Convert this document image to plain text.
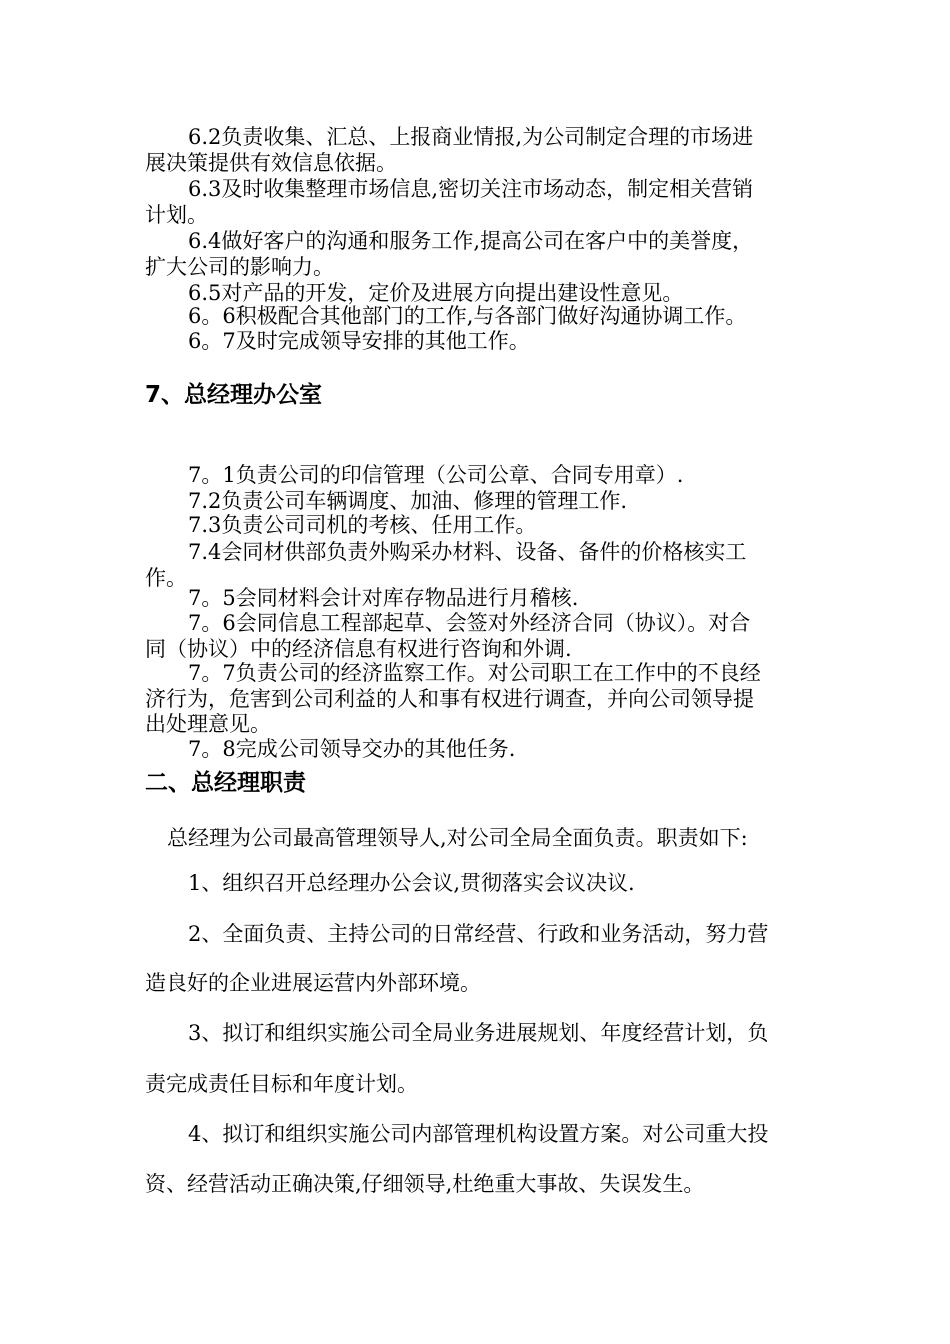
6.2负责收集、汇总、上报商业情报,为公司制定合理的市场进
展决策提供有效信息依据。
6.3及时收集整理市场信息,密切关注市场动态，制定相关营销
计划。
6.4做好客户的沟通和服务工作,提高公司在客户中的美誉度，
扩大公司的影响力。
6.5对产品的开发，定价及进展方向提出建设性意见。
6。6积极配合其他部门的工作,与各部门做好沟通协调工作。
6。7及时完成领导安排的其他工作。
7、总经理办公室
7。1负责公司的印信管理（公司公章、合同专用章）.
7.2负责公司车辆调度、加油、修理的管理工作.
7.3负责公司司机的考核、任用工作。
7.4会同材供部负责外购采办材料、设备、备件的价格核实工
作。
7。5会同材料会计对库存物品进行月稽核.
7。6会同信息工程部起草、会签对外经济合同（协议）。对合
同（协议）中的经济信息有权进行咨询和外调.
7。7负责公司的经济监察工作。对公司职工在工作中的不良经
济行为，危害到公司利益的人和事有权进行调查，并向公司领导提
出处理意见。
7。8完成公司领导交办的其他任务.
二、总经理职责
总经理为公司最高管理领导人,对公司全局全面负责。职责如下:
1、组织召开总经理办公会议,贯彻落实会议决议.
2、全面负责、主持公司的日常经营、行政和业务活动，努力营
造良好的企业进展运营内外部环境。
3、拟订和组织实施公司全局业务进展规划、年度经营计划，负
责完成责任目标和年度计划。
4、拟订和组织实施公司内部管理机构设置方案。对公司重大投
资、经营活动正确决策,仔细领导,杜绝重大事故、失误发生。
